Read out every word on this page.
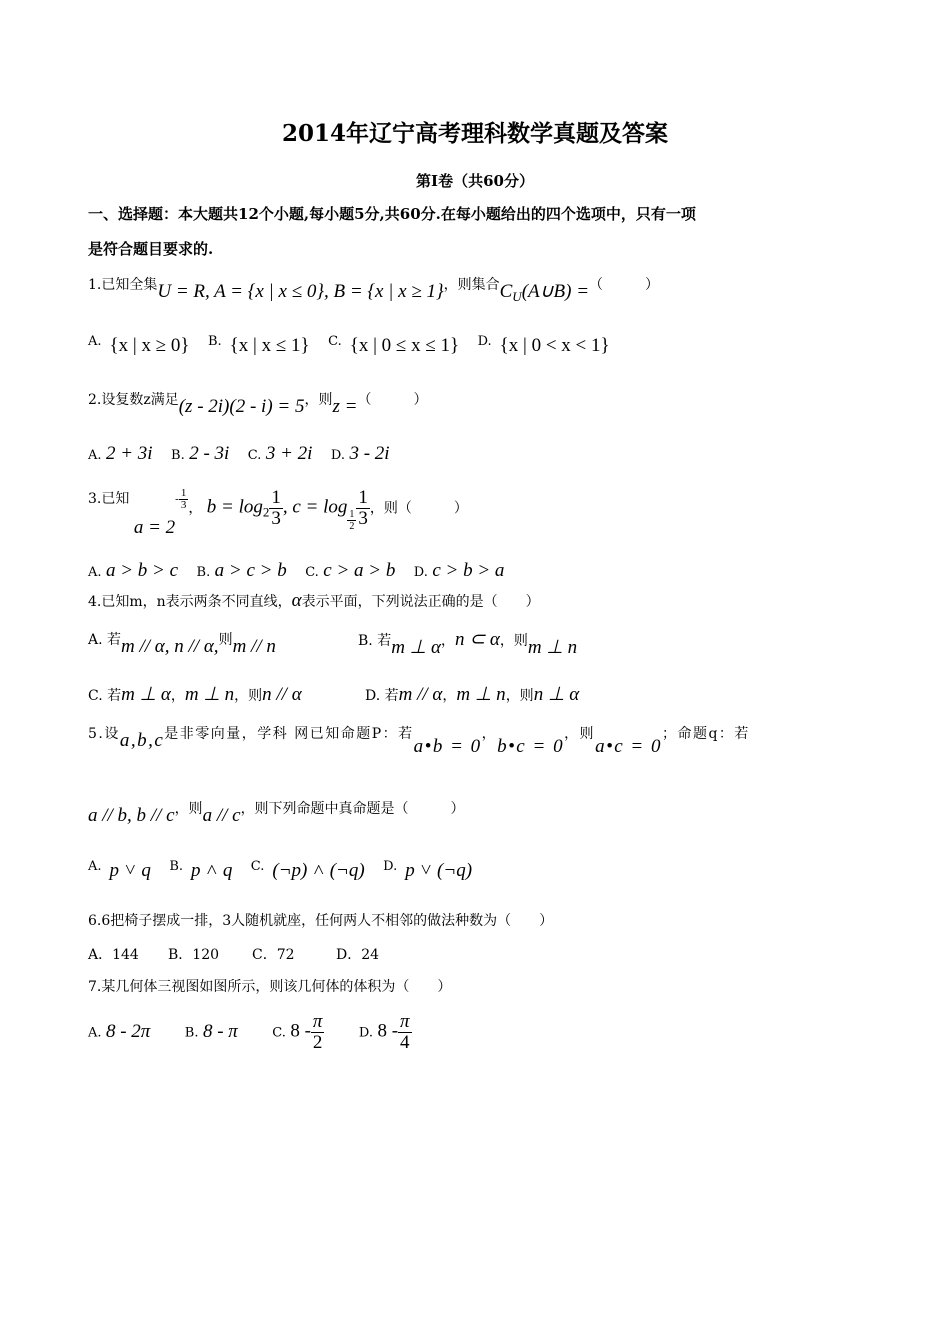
2014年辽宁高考理科数学真题及答案
第Ⅰ卷（共60分）
一、选择题：本大题共12个小题,每小题5分,共60分.在每小题给出的四个选项中，只有一项
是符合题目要求的.
1.已知全集U = R, A = {x | x ≤ 0}, B = {x | x ≥ 1}，则集合$C_U(A\cup B)$ =（　　　）
A. {x | x ≥ 0} B. {x | x ≤ 1} C. {x | 0 ≤ x ≤ 1} D. {x | 0 < x < 1}
2.设复数z满足(z - 2i)(2 - i) = 5，则z =（　　　）
A. 2 + 3i B. 2 - 3i C. 3 + 2i D. 3 - 2i
3.已知 $a = 2^{- \frac{1}{3}}$ ， $b = \log_2 \frac{1}{3}$ , c = log
$\frac{1}{2} \frac{1}{3}$ ，则（　　　）
A. a > b > c B. a > c > b C. c > a > b D. c > b > a
4.已知m，n表示两条不同直线，α表示平面，下列说法正确的是（　　）
A. 若m // α, n // α,则m // n	B. 若m ⊥ α，n ⊂ α，则m ⊥ n
C. 若m ⊥ α，m ⊥ n，则n // α	D. 若m // α，m ⊥ n，则n ⊥ α
5.设a,b,c是非零向量，学科 网已知命题P：若a•b = 0，b•c = 0，则a•c = 0；命题q：若
a // b, b // c，则a // c，则下列命题中真命题是（　　　）
A. p ˅ q B. p ˄ q C. (¬p) ˄ (¬q) D. p ˅ (¬q)
6.6把椅子摆成一排，3人随机就座，任何两人不相邻的做法种数为（　　）
A．144 B．120 C．72	D．24
7.某几何体三视图如图所示，则该几何体的体积为（　　）
A. 8 - 2π	B. 8 - π	C. $8 - \frac{\pi}{2}$	D. $8 - \frac{\pi}{4}$
